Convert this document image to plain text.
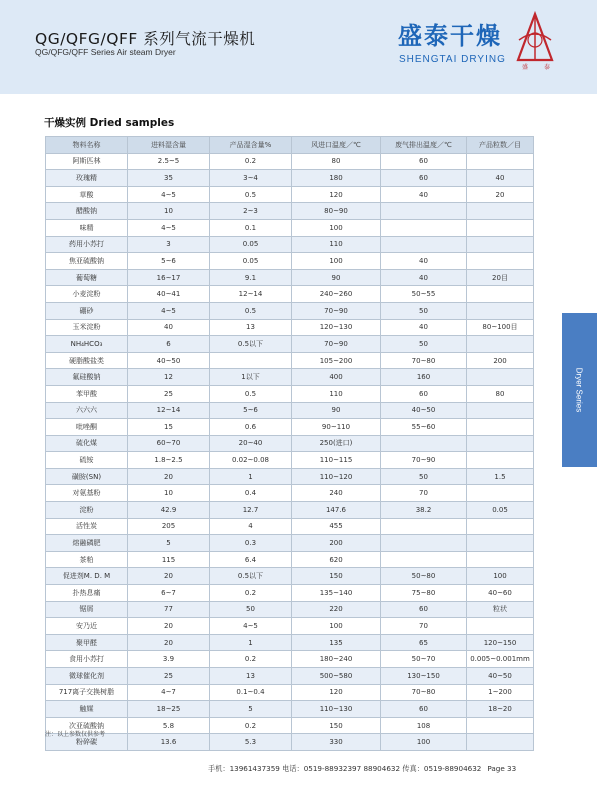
QG/QFG/QFF 系列气流干燥机
QG/QFG/QFF Series Air steam Dryer
盛泰干燥
SHENGTAI DRYING
盛	泰
干燥实例 Dried samples
物料名称	进料湿含量	产品湿含量%	风进口温度／℃	废气排出温度／℃	产品粒数／目
阿斯匹林	2.5~5	0.2	80	60	
玫瑰精	35	3~4	180	60	40
草酸	4~5	0.5	120	40	20
醋酸钠	10	2~3	80~90		
味精	4~5	0.1	100		
药用小苏打	3	0.05	110		
焦亚硫酸钠	5~6	0.05	100	40	
葡萄糖	16~17	9.1	90	40	20目
小麦淀粉	40~41	12~14	240~260	50~55	
硼砂	4~5	0.5	70~90	50	
玉米淀粉	40	13	120~130	40	80~100目
NH₄HCO₃	6	0.5以下	70~90	50	
硬脂酸盐类	40~50		105~200	70~80	200
氟硅酸钠	12	1以下	400	160	
苯甲酸	25	0.5	110	60	80
六六六	12~14	5~6	90	40~50	
吡唑酮	15	0.6	90~110	55~60	
硫化煤	60~70	20~40	250(进口)		
硫铵	1.8~2.5	0.02~0.08	110~115	70~90	
磺胺(SN)	20	1	110~120	50	1.5
对氨基粉	10	0.4	240	70	
淀粉	42.9	12.7	147.6	38.2	0.05
活性炭	205	4	455		
熔融磷肥	5	0.3	200		
茶粕	115	6.4	620		
促进剂M. D. M	20	0.5以下	150	50~80	100
扑热息痛	6~7	0.2	135~140	75~80	40~60
锯屑	77	50	220	60	粒状
安乃近	20	4~5	100	70	
聚甲醛	20	1	135	65	120~150
食用小苏打	3.9	0.2	180~240	50~70	0.005~0.001mm
微球催化剂	25	13	500~580	130~150	40~50
717离子交换树脂	4~7	0.1~0.4	120	70~80	1~200
触媒	18~25	5	110~130	60	18~20
次亚硫酸钠	5.8	0.2	150	108	
粉碎碳	13.6	5.3	330	100	
注：以上参数仅供参考
手机：13961437359 电话：0519-88932397 88904632 传真：0519-88904632 Page 33
Dryer Series
